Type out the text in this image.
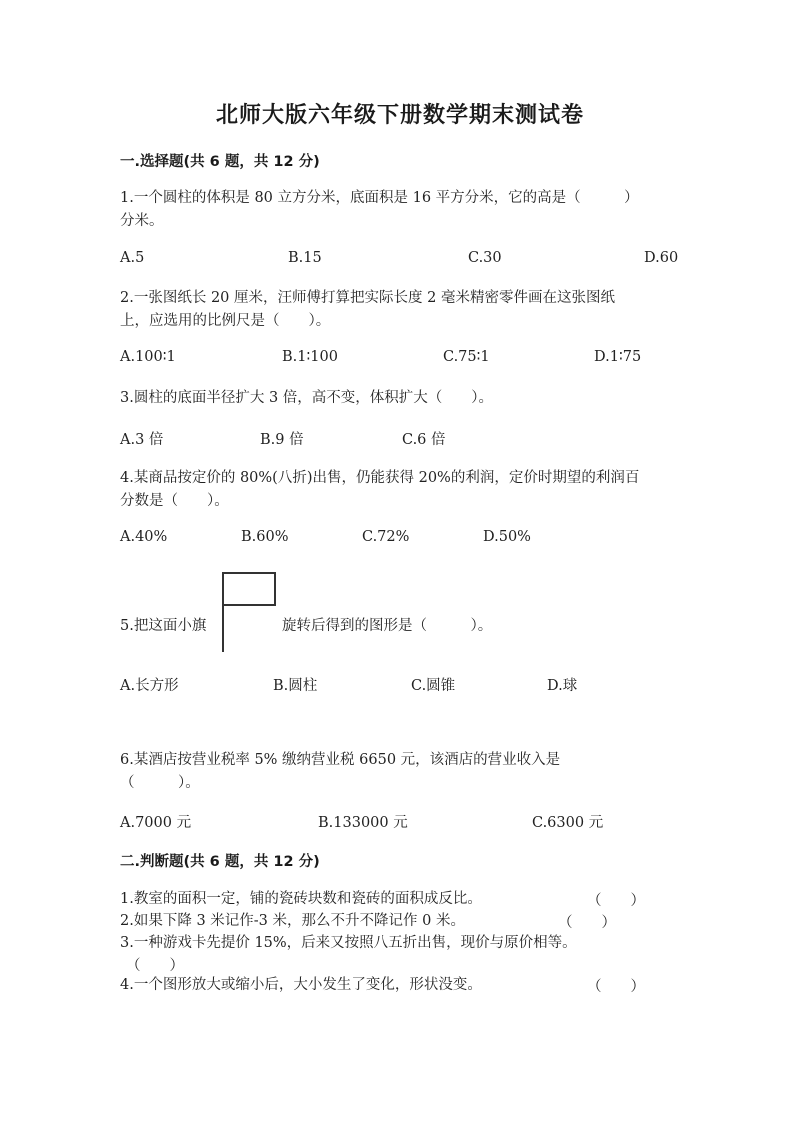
北师大版六年级下册数学期末测试卷
一.选择题(共 6 题，共 12 分)
1.一个圆柱的体积是 80 立方分米，底面积是 16 平方分米，它的高是（　　　）
分米。
A.5	B.15	C.30	D.60
2.一张图纸长 20 厘米，汪师傅打算把实际长度 2 毫米精密零件画在这张图纸
上，应选用的比例尺是（　　）。
A.100∶1	B.1∶100	C.75∶1	D.1∶75
3.圆柱的底面半径扩大 3 倍，高不变，体积扩大（　　）。
A.3 倍	B.9 倍	C.6 倍
4.某商品按定价的 80%(八折)出售，仍能获得 20%的利润，定价时期望的利润百
分数是（　　）。
A.40%	B.60%	C.72%	D.50%
5.把这面小旗	旋转后得到的图形是（　　　）。
A.长方形	B.圆柱	C.圆锥	D.球
6.某酒店按营业税率 5% 缴纳营业税 6650 元，该酒店的营业收入是
（　　　）。
A.7000 元	B.133000 元	C.6300 元
二.判断题(共 6 题，共 12 分)
1.教室的面积一定，铺的瓷砖块数和瓷砖的面积成反比。	（　　）
2.如果下降 3 米记作-3 米，那么不升不降记作 0 米。	（　　）
3.一种游戏卡先提价 15%，后来又按照八五折出售，现价与原价相等。
（　　）
4.一个图形放大或缩小后，大小发生了变化，形状没变。	（　　）
